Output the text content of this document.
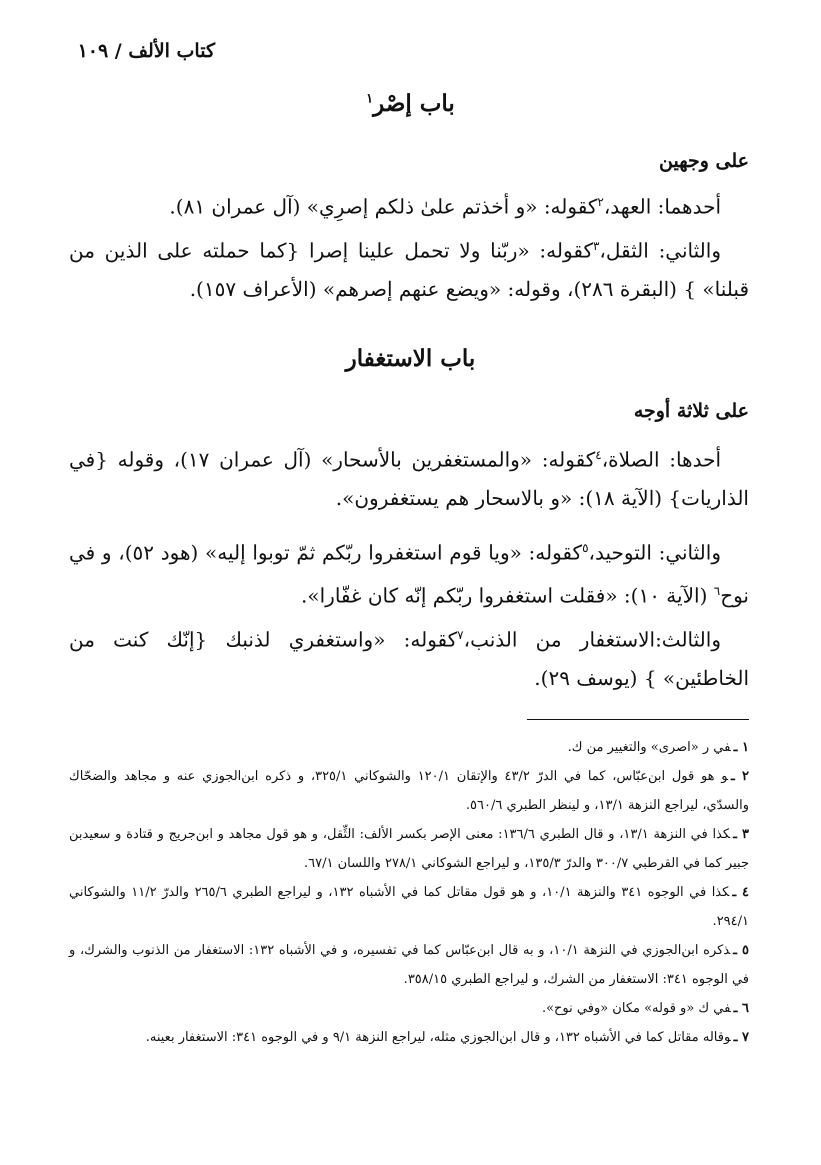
كتاب الألف / ١٠٩
باب إصْر$^١$
على وجهين
أحدهما: العهد،$^٢$كقوله: «و أخذتم علىٰ ذلكم إصرِي» (آل عمران ٨١).
والثاني: الثقل،$^٣$كقوله: «ربّنا ولا تحمل علينا إصرا {كما حملته على الذين من قبلنا» } (البقرة ٢٨٦)، وقوله: «ويضع عنهم إصرهم» (الأعراف ١٥٧).
باب الاستغفار
على ثلاثة أوجه
أحدها: الصلاة،$^٤$كقوله: «والمستغفرين بالأسحار» (آل عمران ١٧)، وقوله {في الذاريات} (الآية ١٨): «و بالاسحار هم يستغفرون».
والثاني: التوحيد،$^٥$كقوله: «ويا قوم استغفروا ربّكم ثمّ توبوا إليه» (هود ٥٢)، و في نوح$^٦$ (الآية ١٠): «فقلت استغفروا ربّكم إنّه كان غفّارا».
والثالث:الاستغفار من الذنب،$^٧$كقوله: «واستغفري لذنبك {إنّك كنت من الخاطئين» } (يوسف ٢٩).

١ ـفي ر «اصرى» والتغيير من ك.

٢ ـو هو قول ابن‌عبّاس، كما في الدرّ ٤٣/٢ والإتقان ١٢٠/١ والشوكاني ٣٢٥/١، و ذكره ابن‌الجوزي عنه و مجاهد والضحّاك والسدّي، ليراجع النزهة ١٣/١، و لينظر الطبري ٥٦٠/٦.

٣ ـكذا في النزهة ١٣/١، و قال الطبري ١٣٦/٦: معنى الإصر بكسر الألف: الثِّقل، و هو قول مجاهد و ابن‌جريج و قتادة و سعيدبن جبير كما في القرطبي ٣٠٠/٧ والدرّ ١٣٥/٣، و ليراجع الشوكاني ٢٧٨/١ واللسان ٦٧/١.

٤ ـكذا في الوجوه ٣٤١ والنزهة ١٠/١، و هو قول مقاتل كما في الأشباه ١٣٢، و ليراجع الطبري ٢٦٥/٦ والدرّ ١١/٢ والشوكاني ٢٩٤/١.

٥ ـذكره ابن‌الجوزي في النزهة ١٠/١، و به قال ابن‌عبّاس كما في تفسيره، و في الأشباه ١٣٢: الاستغفار من الذنوب والشرك، و في الوجوه ٣٤١: الاستغفار من الشرك، و ليراجع الطبري ٣٥٨/١٥.

٦ ـفي ك «و قوله» مكان «وفي نوح».

٧ ـوقاله مقاتل كما في الأشباه ١٣٢، و قال ابن‌الجوزي مثله، ليراجع النزهة ٩/١ و في الوجوه ٣٤١: الاستغفار بعينه.
